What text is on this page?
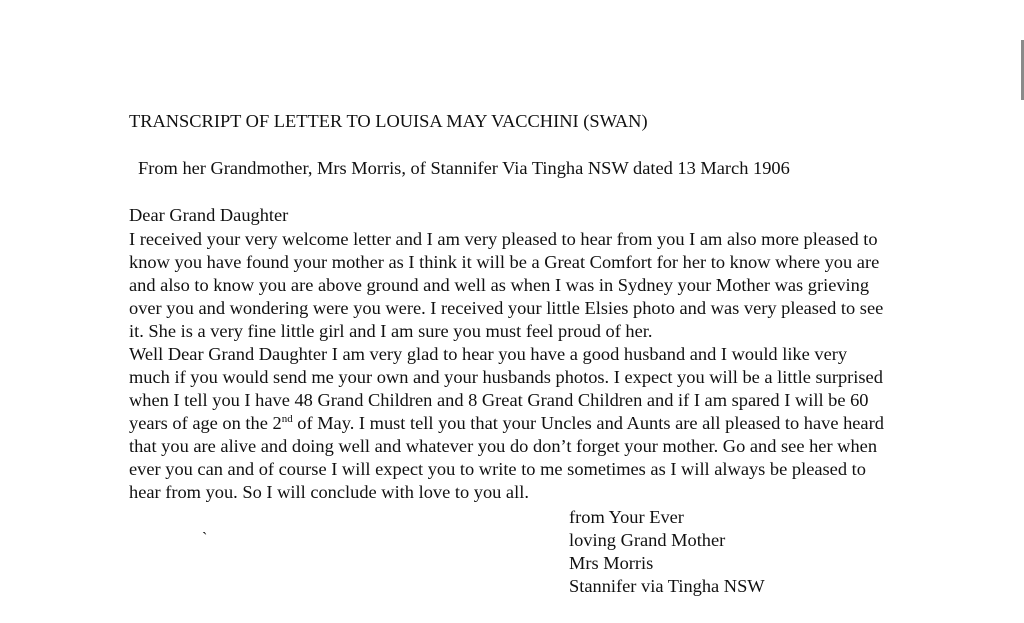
TRANSCRIPT OF LETTER TO LOUISA MAY VACCHINI (SWAN)
From her Grandmother, Mrs Morris, of Stannifer Via Tingha NSW dated 13 March 1906
Dear Grand Daughter
I received your very welcome letter and I am very pleased to hear from you I am also more pleased to
know you have found your mother as I think it will be a Great Comfort for her to know where you are
and also to know you are above ground and well as when I was in Sydney your Mother was grieving
over you and wondering were you were. I received your little Elsies photo and was very pleased to see
it. She is a very fine little girl and I am sure you must feel proud of her.
Well Dear Grand Daughter I am very glad to hear you have a good husband and I would like very
much if you would send me your own and your husbands photos. I expect you will be a little surprised
when I tell you I have 48 Grand Children and 8 Great Grand Children and if I am spared I will be 60
years of age on the 2nd of May. I must tell you that your Uncles and Aunts are all pleased to have heard
that you are alive and doing well and whatever you do don’t forget your mother. Go and see her when
ever you can and of course I will expect you to write to me sometimes as I will always be pleased to
hear from you. So I will conclude with love to you all.
from Your Ever
loving Grand Mother
Mrs Morris
Stannifer via Tingha NSW
`
